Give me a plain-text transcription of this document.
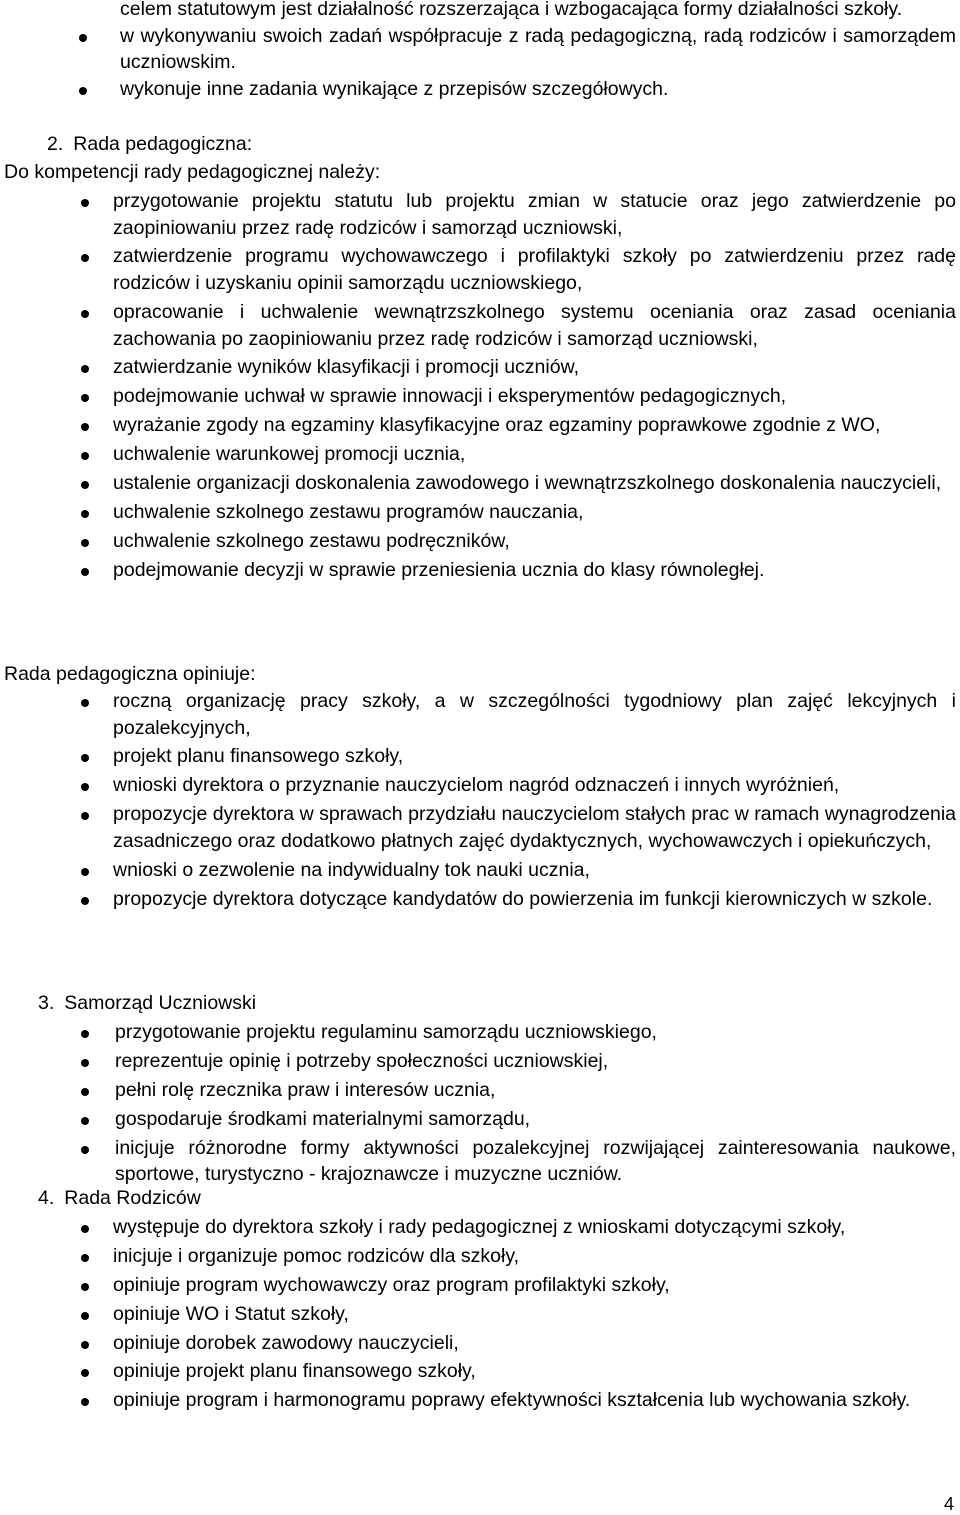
celem statutowym jest działalność rozszerzająca i wzbogacająca formy działalności szkoły.
w wykonywaniu swoich zadań współpracuje z radą pedagogiczną, radą rodziców i samorządem uczniowskim.
wykonuje inne zadania wynikające z przepisów szczegółowych.
2. Rada pedagogiczna:
Do kompetencji rady pedagogicznej należy:
przygotowanie projektu statutu lub projektu zmian w statucie oraz jego zatwierdzenie po zaopiniowaniu przez radę rodziców i samorząd uczniowski,
zatwierdzenie programu wychowawczego i profilaktyki szkoły po zatwierdzeniu przez radę rodziców i uzyskaniu opinii samorządu uczniowskiego,
opracowanie i uchwalenie wewnątrzszkolnego systemu oceniania oraz zasad oceniania zachowania po zaopiniowaniu przez radę rodziców i samorząd uczniowski,
zatwierdzanie wyników klasyfikacji i promocji uczniów,
podejmowanie uchwał w sprawie innowacji i eksperymentów pedagogicznych,
wyrażanie zgody na egzaminy klasyfikacyjne oraz egzaminy poprawkowe zgodnie z WO,
uchwalenie warunkowej promocji ucznia,
ustalenie organizacji doskonalenia zawodowego i wewnątrzszkolnego doskonalenia nauczycieli,
uchwalenie szkolnego zestawu programów nauczania,
uchwalenie szkolnego zestawu podręczników,
podejmowanie decyzji w sprawie przeniesienia ucznia do klasy równoległej.
Rada pedagogiczna opiniuje:
roczną organizację pracy szkoły, a w szczególności tygodniowy plan zajęć lekcyjnych i pozalekcyjnych,
projekt planu finansowego szkoły,
wnioski dyrektora o przyznanie nauczycielom nagród odznaczeń i innych wyróżnień,
propozycje dyrektora w sprawach przydziału nauczycielom stałych prac w ramach wynagrodzenia zasadniczego oraz dodatkowo płatnych zajęć dydaktycznych, wychowawczych i opiekuńczych,
wnioski o zezwolenie na indywidualny tok nauki ucznia,
propozycje dyrektora dotyczące kandydatów do powierzenia im funkcji kierowniczych w szkole.
3. Samorząd Uczniowski
przygotowanie projektu regulaminu samorządu uczniowskiego,
reprezentuje opinię i potrzeby społeczności uczniowskiej,
pełni rolę rzecznika praw i interesów ucznia,
gospodaruje środkami materialnymi samorządu,
inicjuje różnorodne formy aktywności pozalekcyjnej rozwijającej zainteresowania naukowe, sportowe, turystyczno - krajoznawcze i muzyczne uczniów.
4. Rada Rodziców
występuje do dyrektora szkoły i rady pedagogicznej z wnioskami dotyczącymi szkoły,
inicjuje i organizuje pomoc rodziców dla szkoły,
opiniuje program wychowawczy oraz program profilaktyki szkoły,
opiniuje WO i Statut szkoły,
opiniuje dorobek zawodowy nauczycieli,
opiniuje projekt planu finansowego szkoły,
opiniuje program i harmonogramu poprawy efektywności kształcenia lub wychowania szkoły.
4
